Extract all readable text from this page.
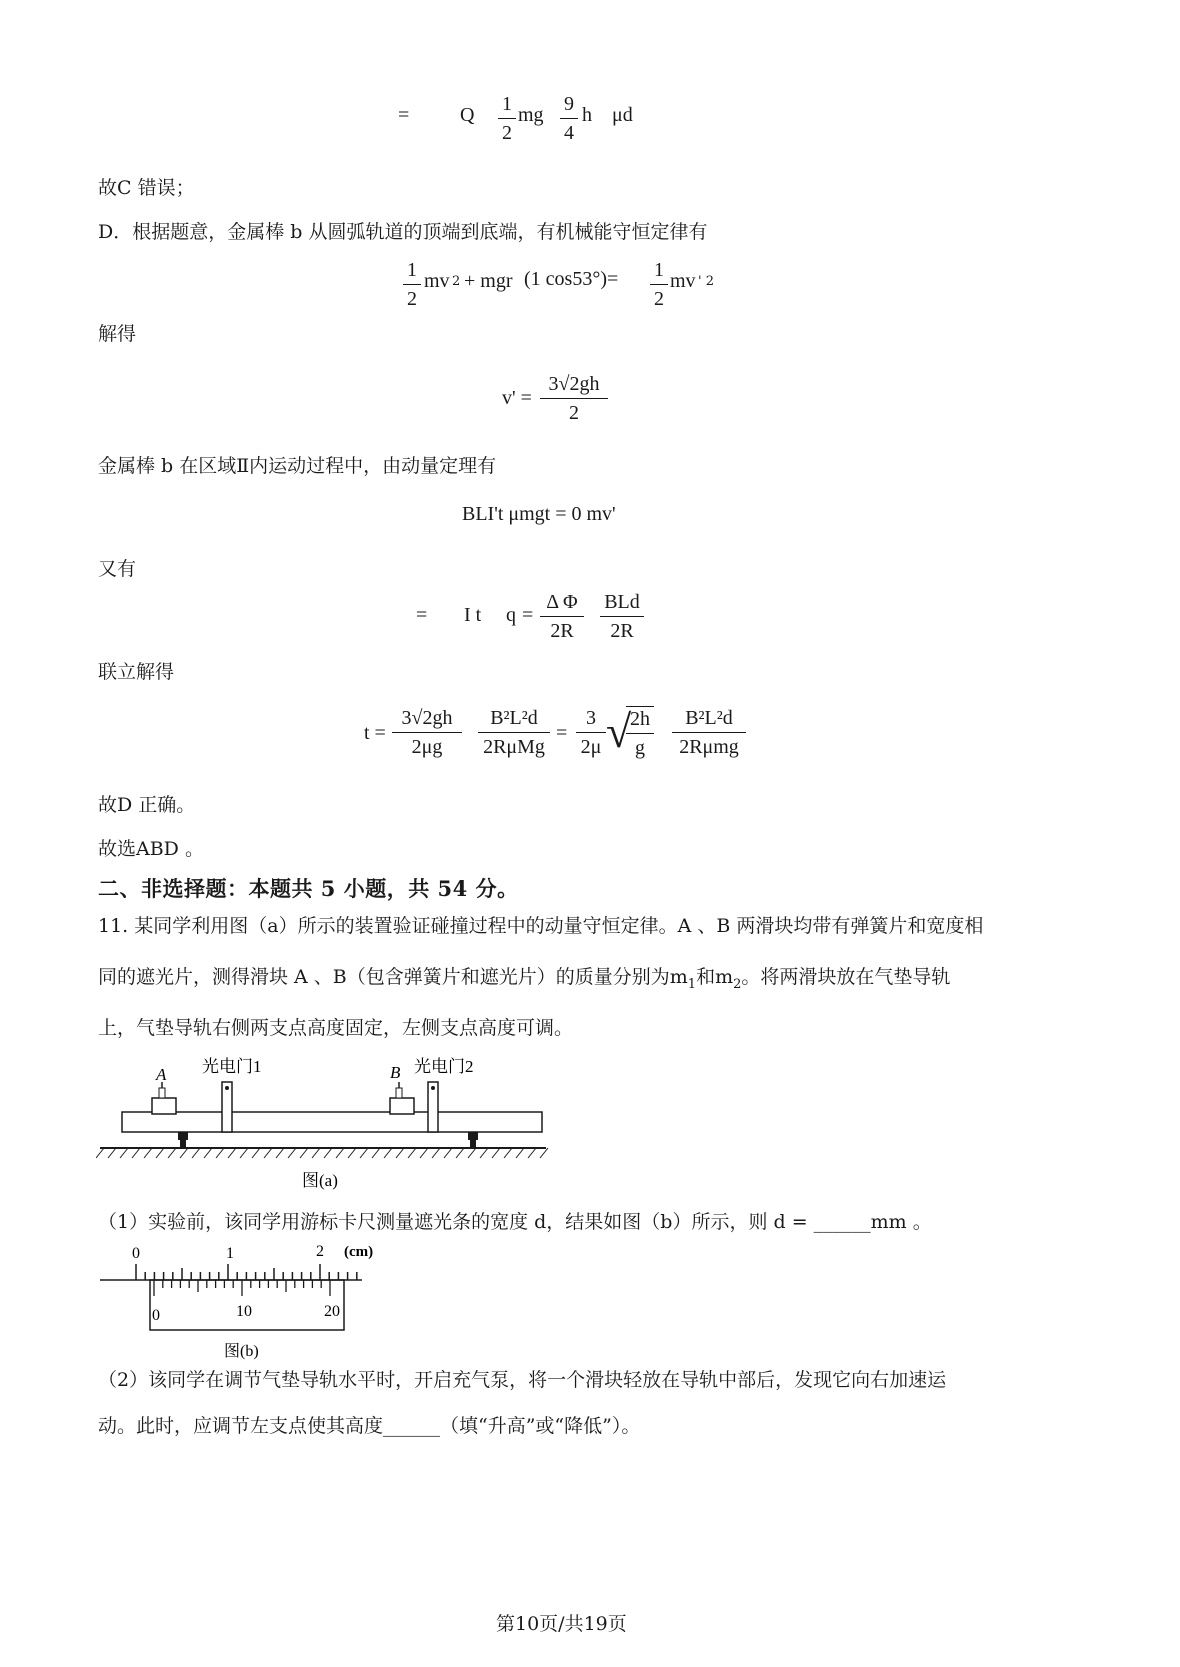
=	Q 1
2
mg 9
4
h μd
故C 错误；
D．根据题意，金属棒 b 从圆弧轨道的顶端到底端，有机械能守恒定律有
1
2
mv 2 + mgr (1 cos53°)= 1
2
mv ' 2
解得
v' =
3√2gh
2
金属棒 b 在区域Ⅱ内运动过程中，由动量定理有
BLI't μmgt = 0 mv'
又有
= I t q =
Δ Φ
2R
BLd
2R
联立解得
t =
3√2gh
2μg
B²L²d
2RμMg
=
3
2μ √
2h
g
B²L²d
2Rμmg
故D 正确。
故选ABD 。
二、非选择题：本题共 5 小题，共 54 分。
11. 某同学利用图（a）所示的装置验证碰撞过程中的动量守恒定律。A 、B 两滑块均带有弹簧片和宽度相
同的遮光片，测得滑块 A 、B（包含弹簧片和遮光片）的质量分别为$m_1$和$m_2$。将两滑块放在气垫导轨
上，气垫导轨右侧两支点高度固定，左侧支点高度可调。
A	B
光电门1	光电门2
图(a)
（1）实验前，该同学用游标卡尺测量遮光条的宽度 d，结果如图（b）所示，则 d = ______mm 。
0	1	2 (cm)
0	10	20
图(b)
（2）该同学在调节气垫导轨水平时，开启充气泵，将一个滑块轻放在导轨中部后，发现它向右加速运
动。此时，应调节左支点使其高度______（填“升高”或“降低”）。
第10页/共19页
